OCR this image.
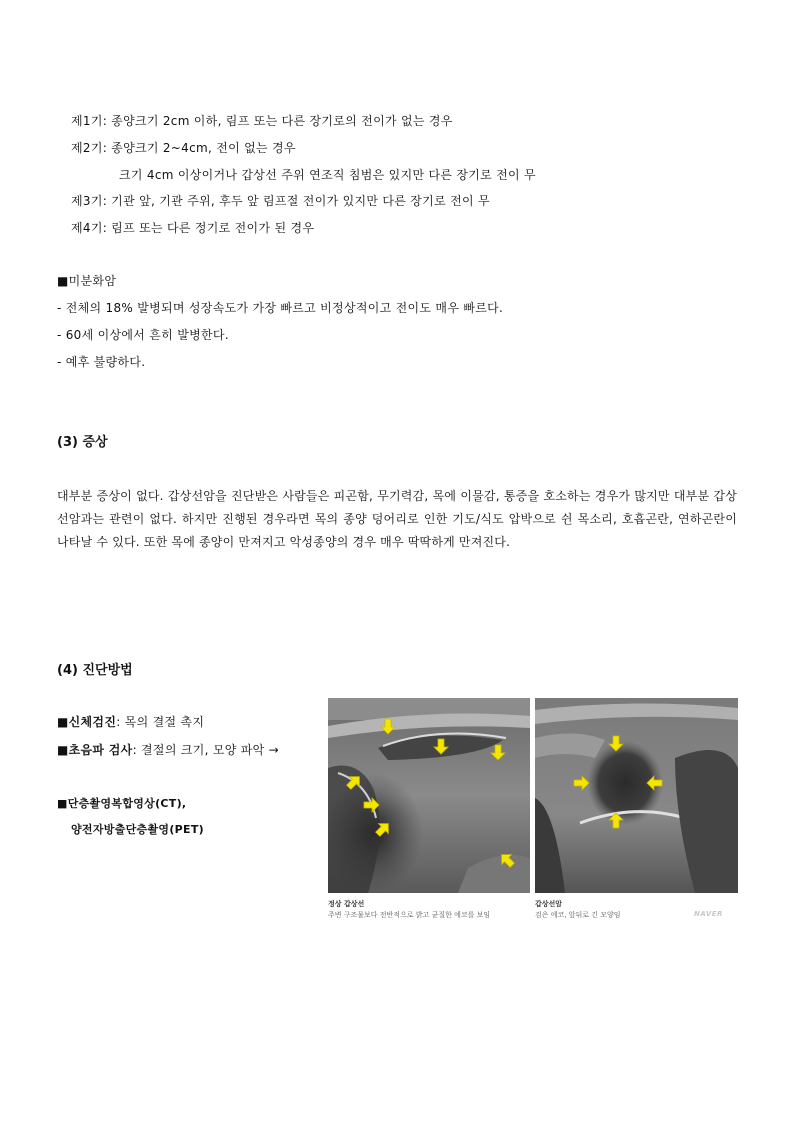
제1기: 종양크기 2cm 이하, 림프 또는 다른 장기로의 전이가 없는 경우
제2기: 종양크기 2~4cm, 전이 없는 경우
크기 4cm 이상이거나 갑상선 주위 연조직 침범은 있지만 다른 장기로 전이 무
제3기: 기관 앞, 기관 주위, 후두 앞 림프절 전이가 있지만 다른 장기로 전이 무
제4기: 림프 또는 다른 정기로 전이가 된 경우
■미분화암
- 전체의 18% 발병되며 성장속도가 가장 빠르고 비정상적이고 전이도 매우 빠르다.
- 60세 이상에서 흔히 발병한다.
- 예후 불량하다.
(3) 증상
대부분 증상이 없다. 갑상선암을 진단받은 사람들은 피곤함, 무기력감, 목에 이물감, 통증을 호소하는 경우가 많지만 대부분 갑상선암과는 관련이 없다. 하지만 진행된 경우라면 목의 종양 덩어리로 인한 기도/식도 압박으로 쉰 목소리, 호흡곤란, 연하곤란이 나타날 수 있다. 또한 목에 종양이 만져지고 악성종양의 경우 매우 딱딱하게 만져진다.
(4) 진단방법
■신체검진: 목의 결절 촉지
■초음파 검사: 결절의 크기, 모양 파악 →
■단층촬영복합영상(CT),
양전자방출단층촬영(PET)
정상 갑상선
주변 구조물보다 전반적으로 밝고 균질한 에코를 보임
갑상선암
검은 에코, 앞뒤로 긴 모양임	NAVER
